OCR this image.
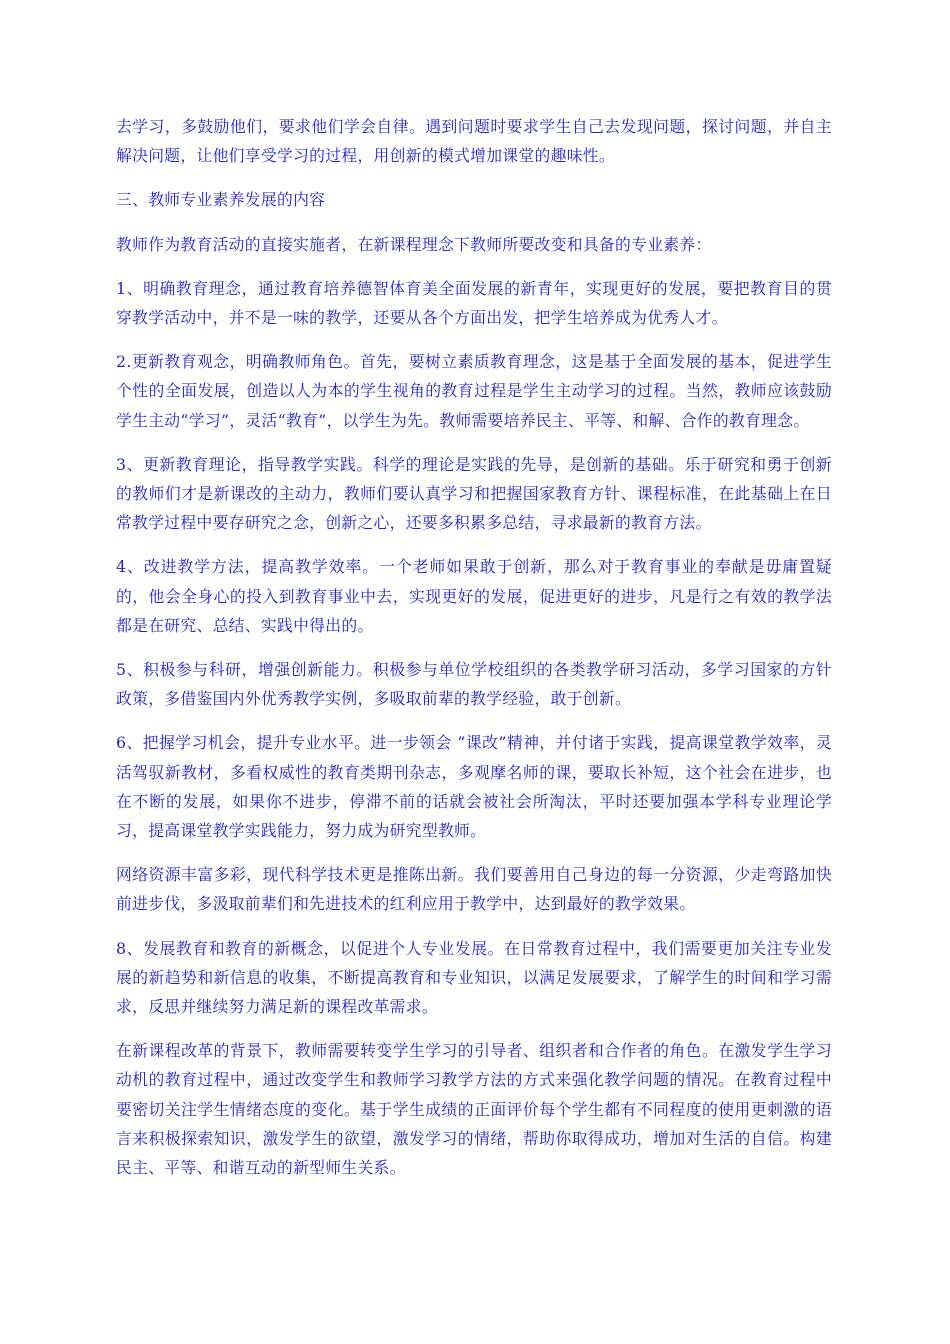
去学习，多鼓励他们，要求他们学会自律。遇到问题时要求学生自己去发现问题，探讨问题，并自主解决问题，让他们享受学习的过程，用创新的模式增加课堂的趣味性。

三、教师专业素养发展的内容

教师作为教育活动的直接实施者，在新课程理念下教师所要改变和具备的专业素养：

1、明确教育理念，通过教育培养德智体育美全面发展的新青年，实现更好的发展，要把教育目的贯穿教学活动中，并不是一味的教学，还要从各个方面出发，把学生培养成为优秀人才。

2.更新教育观念，明确教师角色。首先，要树立素质教育理念，这是基于全面发展的基本，促进学生个性的全面发展，创造以人为本的学生视角的教育过程是学生主动学习的过程。当然，教师应该鼓励学生主动“学习”，灵活“教育”，以学生为先。教师需要培养民主、平等、和解、合作的教育理念。

3、更新教育理论，指导教学实践。科学的理论是实践的先导，是创新的基础。乐于研究和勇于创新的教师们才是新课改的主动力，教师们要认真学习和把握国家教育方针、课程标准，在此基础上在日常教学过程中要存研究之念，创新之心，还要多积累多总结，寻求最新的教育方法。

4、改进教学方法，提高教学效率。一个老师如果敢于创新，那么对于教育事业的奉献是毋庸置疑的，他会全身心的投入到教育事业中去，实现更好的发展，促进更好的进步，凡是行之有效的教学法都是在研究、总结、实践中得出的。

5、积极参与科研，增强创新能力。积极参与单位学校组织的各类教学研习活动，多学习国家的方针政策，多借鉴国内外优秀教学实例，多吸取前辈的教学经验，敢于创新。

6、把握学习机会，提升专业水平。进一步领会 “课改”精神，并付诸于实践，提高课堂教学效率，灵活驾驭新教材，多看权威性的教育类期刊杂志，多观摩名师的课，要取长补短，这个社会在进步，也在不断的发展，如果你不进步，停滞不前的话就会被社会所淘汰，平时还要加强本学科专业理论学习，提高课堂教学实践能力，努力成为研究型教师。

网络资源丰富多彩，现代科学技术更是推陈出新。我们要善用自己身边的每一分资源，少走弯路加快前进步伐，多汲取前辈们和先进技术的红利应用于教学中，达到最好的教学效果。

8、发展教育和教育的新概念，以促进个人专业发展。在日常教育过程中，我们需要更加关注专业发展的新趋势和新信息的收集，不断提高教育和专业知识，以满足发展要求，了解学生的时间和学习需求，反思并继续努力满足新的课程改革需求。

在新课程改革的背景下，教师需要转变学生学习的引导者、组织者和合作者的角色。在激发学生学习动机的教育过程中，通过改变学生和教师学习教学方法的方式来强化教学问题的情况。在教育过程中要密切关注学生情绪态度的变化。基于学生成绩的正面评价每个学生都有不同程度的使用更刺激的语言来积极探索知识，激发学生的欲望，激发学习的情绪，帮助你取得成功，增加对生活的自信。构建民主、平等、和谐互动的新型师生关系。
